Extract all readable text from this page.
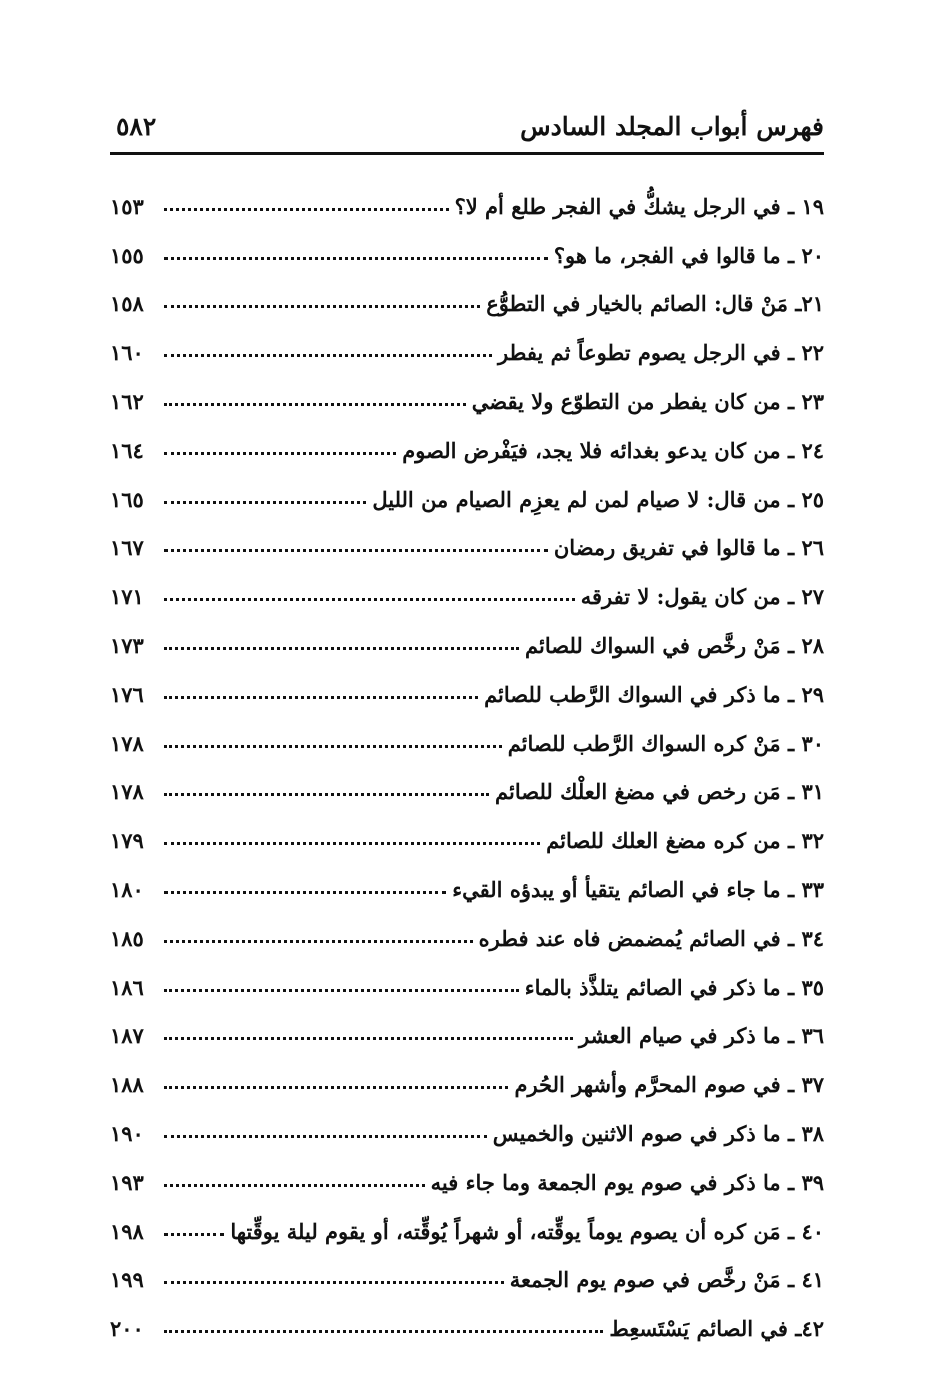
فهرس أبواب المجلد السادس
٥٨٢
١٩ ـ في الرجل يشكُّ في الفجر طلع أم لا؟
١٥٣
٢٠ ـ ما قالوا في الفجر، ما هو؟
١٥٥
٢١ـ مَنْ قال: الصائم بالخيار في التطوُّع
١٥٨
٢٢ ـ في الرجل يصوم تطوعاً ثم يفطر
١٦٠
٢٣ ـ من كان يفطر من التطوّع ولا يقضي
١٦٢
٢٤ ـ من كان يدعو بغدائه فلا يجد، فيَفْرض الصوم
١٦٤
٢٥ ـ من قال: لا صيام لمن لم يعزِم الصيام من الليل
١٦٥
٢٦ ـ ما قالوا في تفريق رمضان
١٦٧
٢٧ ـ من كان يقول: لا تفرقه
١٧١
٢٨ ـ مَنْ رخَّص في السواك للصائم
١٧٣
٢٩ ـ ما ذكر في السواك الرَّطب للصائم
١٧٦
٣٠ ـ مَنْ كره السواك الرَّطب للصائم
١٧٨
٣١ ـ مَن رخص في مضغ العلْك للصائم
١٧٨
٣٢ ـ من كره مضغ العلك للصائم
١٧٩
٣٣ ـ ما جاء في الصائم يتقيأ أو يبدؤه القيء
١٨٠
٣٤ ـ في الصائم يُمضمض فاه عند فطره
١٨٥
٣٥ ـ ما ذكر في الصائم يتلذَّذ بالماء
١٨٦
٣٦ ـ ما ذكر في صيام العشر
١٨٧
٣٧ ـ في صوم المحرَّم وأشهر الحُرم
١٨٨
٣٨ ـ ما ذكر في صوم الاثنين والخميس
١٩٠
٣٩ ـ ما ذكر في صوم يوم الجمعة وما جاء فيه
١٩٣
٤٠ ـ مَن كره أن يصوم يوماً يوقِّته، أو شهراً يُوقِّته، أو يقوم ليلة يوقِّتها
١٩٨
٤١ ـ مَنْ رخَّص في صوم يوم الجمعة
١٩٩
٤٢ـ في الصائم يَسْتَسعِط
٢٠٠
